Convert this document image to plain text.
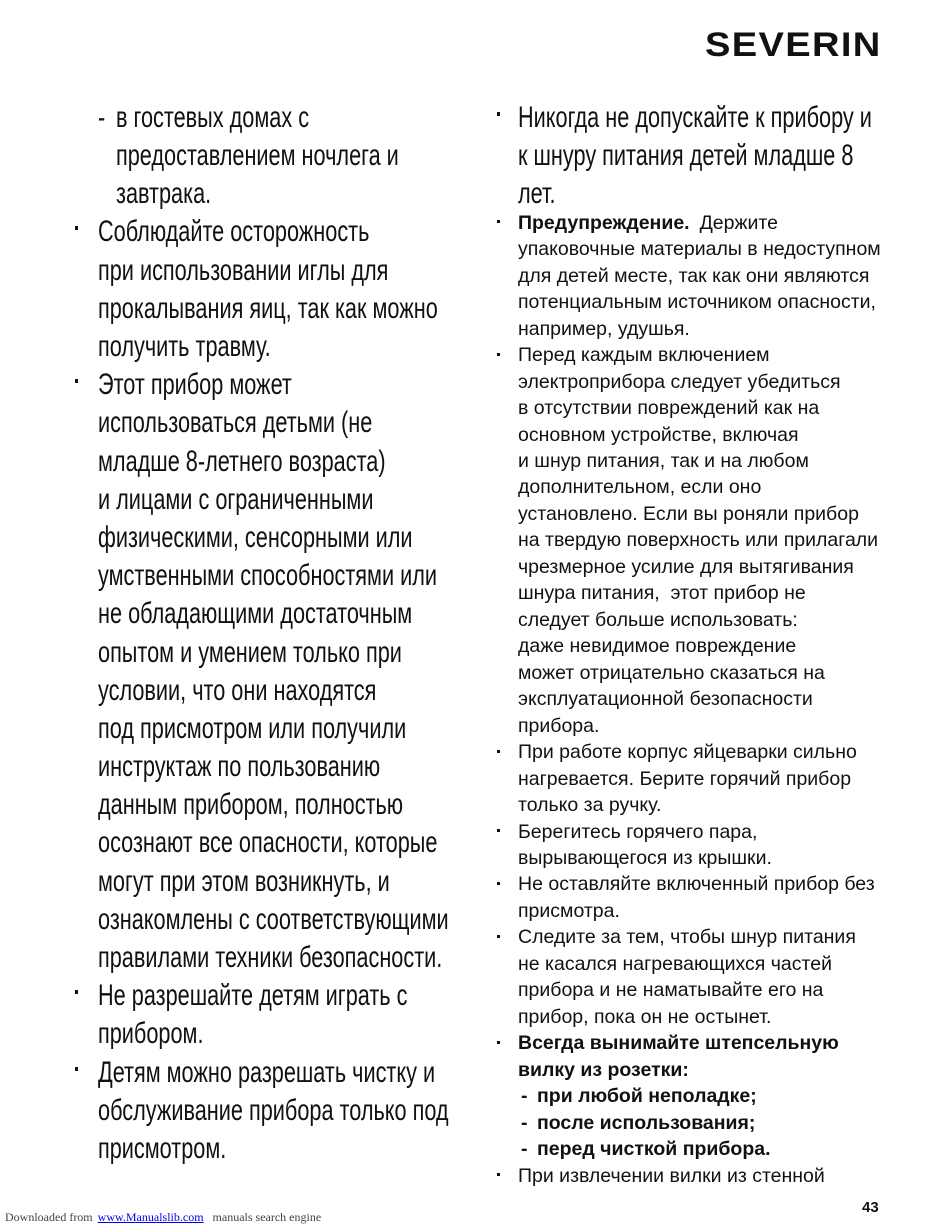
SEVERIN
- в гостевых домах с
предоставлением ночлега и
завтрака.
Соблюдайте осторожность
при использовании иглы для
прокалывания яиц, так как можно
получить травму.
Этот прибор может
использоваться детьми (не
младше 8-летнего возраста)
и лицами с ограниченными
физическими, сенсорными или
умственными способностями или
не обладающими достаточным
опытом и умением только при
условии, что они находятся
под присмотром или получили
инструктаж по пользованию
данным прибором, полностью
осознают все опасности, которые
могут при этом возникнуть, и
ознакомлены с соответствующими
правилами техники безопасности.
Не разрешайте детям играть с
прибором.
Детям можно разрешать чистку и
обслуживание прибора только под
присмотром.
Никогда не допускайте к прибору и
к шнуру питания детей младше 8
лет.
Предупреждение. Держите
упаковочные материалы в недоступном
для детей месте, так как они являются
потенциальным источником опасности,
например, удушья.
Перед каждым включением
электроприбора следует убедиться
в отсутствии повреждений как на
основном устройстве, включая
и шнур питания, так и на любом
дополнительном, если оно
установлено. Если вы роняли прибор
на твердую поверхность или прилагали
чрезмерное усилие для вытягивания
шнура питания,  этот прибор не
следует больше использовать:
даже невидимое повреждение
может отрицательно сказаться на
эксплуатационной безопасности
прибора.
При работе корпус яйцеварки сильно
нагревается. Берите горячий прибор
только за ручку.
Берегитесь горячего пара,
вырывающегося из крышки.
Не оставляйте включенный прибор без
присмотра.
Следите за тем, чтобы шнур питания
не касался нагревающихся частей
прибора и не наматывайте его на
прибор, пока он не остынет.
Всегда вынимайте штепсельную
вилку из розетки:
- при любой неполадке;
- после использования;
- перед чисткой прибора.
При извлечении вилки из стенной
43
Downloaded from www.Manualslib.com manuals search engine
